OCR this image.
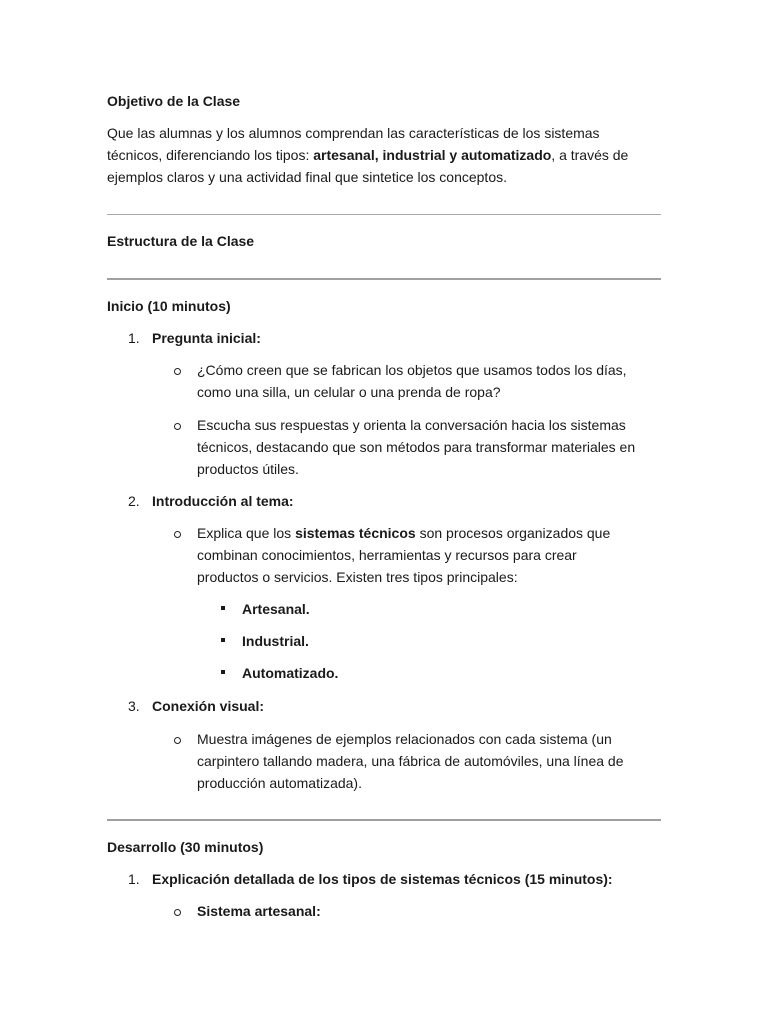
Objetivo de la Clase
Que las alumnas y los alumnos comprendan las características de los sistemas
técnicos, diferenciando los tipos: artesanal, industrial y automatizado, a través de
ejemplos claros y una actividad final que sintetice los conceptos.
Estructura de la Clase
Inicio (10 minutos)
1. Pregunta inicial:
¿Cómo creen que se fabrican los objetos que usamos todos los días,
como una silla, un celular o una prenda de ropa?
Escucha sus respuestas y orienta la conversación hacia los sistemas
técnicos, destacando que son métodos para transformar materiales en
productos útiles.
2. Introducción al tema:
Explica que los sistemas técnicos son procesos organizados que
combinan conocimientos, herramientas y recursos para crear
productos o servicios. Existen tres tipos principales:
Artesanal.
Industrial.
Automatizado.
3. Conexión visual:
Muestra imágenes de ejemplos relacionados con cada sistema (un
carpintero tallando madera, una fábrica de automóviles, una línea de
producción automatizada).
Desarrollo (30 minutos)
1. Explicación detallada de los tipos de sistemas técnicos (15 minutos):
Sistema artesanal:
